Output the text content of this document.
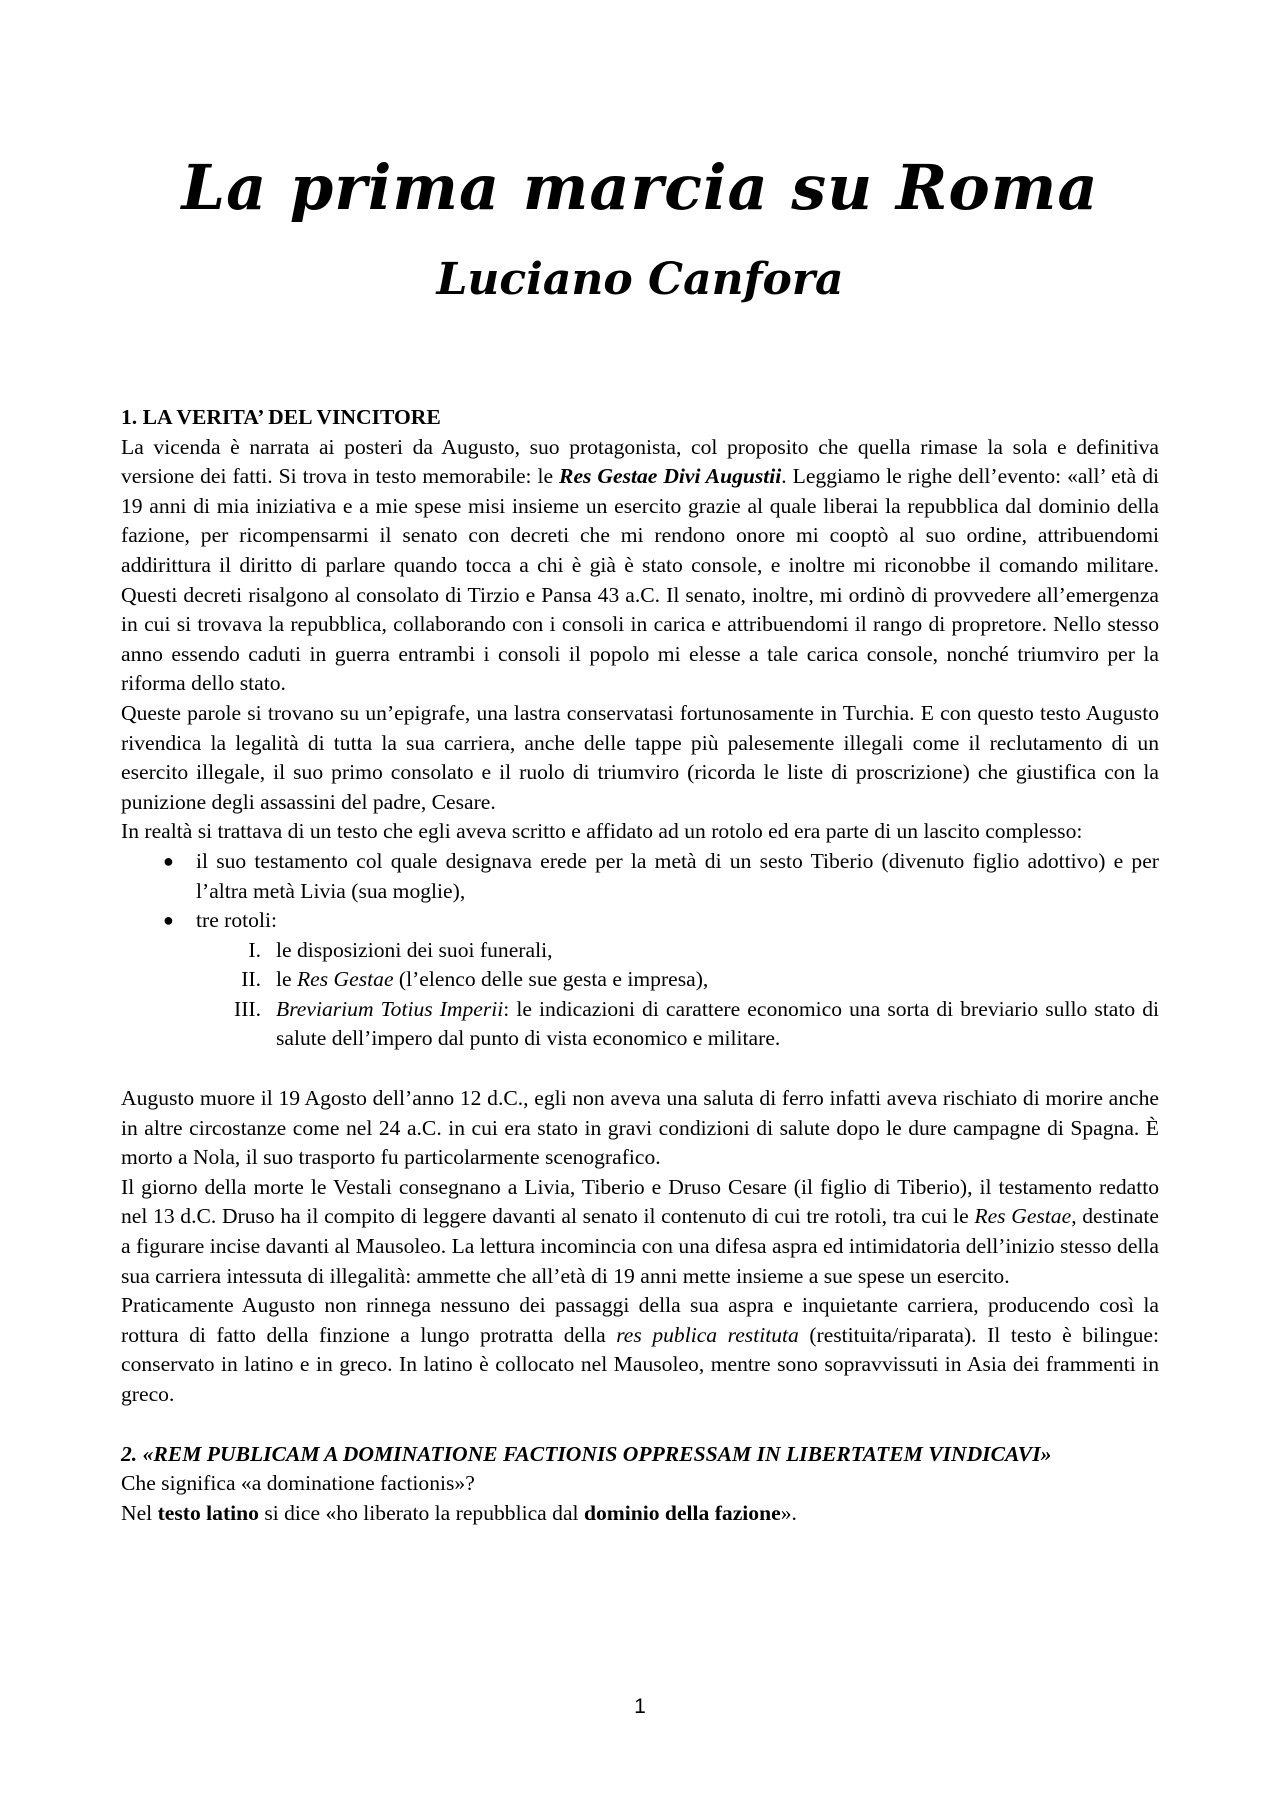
La prima marcia su Roma
Luciano Canfora

1. LA VERITA’ DEL VINCITORE

La vicenda è narrata ai posteri da Augusto, suo protagonista, col proposito che quella rimase la sola e definitiva versione dei fatti. Si trova in testo memorabile: le Res Gestae Divi Augustii. Leggiamo le righe dell’evento: «all’ età di 19 anni di mia iniziativa e a mie spese misi insieme un esercito grazie al quale liberai la repubblica dal dominio della fazione, per ricompensarmi il senato con decreti che mi rendono onore mi cooptò al suo ordine, attribuendomi addirittura il diritto di parlare quando tocca a chi è già è stato console, e inoltre mi riconobbe il comando militare. Questi decreti risalgono al consolato di Tirzio e Pansa 43 a.C. Il senato, inoltre, mi ordinò di provvedere all’emergenza in cui si trovava la repubblica, collaborando con i consoli in carica e attribuendomi il rango di propretore. Nello stesso anno essendo caduti in guerra entrambi i consoli il popolo mi elesse a tale carica console, nonché triumviro per la riforma dello stato.

Queste parole si trovano su un’epigrafe, una lastra conservatasi fortunosamente in Turchia. E con questo testo Augusto rivendica la legalità di tutta la sua carriera, anche delle tappe più palesemente illegali come il reclutamento di un esercito illegale, il suo primo consolato e il ruolo di triumviro (ricorda le liste di proscrizione) che giustifica con la punizione degli assassini del padre, Cesare.

In realtà si trattava di un testo che egli aveva scritto e affidato ad un rotolo ed era parte di un lascito complesso:

● il suo testamento col quale designava erede per la metà di un sesto Tiberio (divenuto figlio adottivo) e per l’altra metà Livia (sua moglie),
● tre rotoli:
I. le disposizioni dei suoi funerali,
II. le Res Gestae (l’elenco delle sue gesta e impresa),
III. Breviarium Totius Imperii: le indicazioni di carattere economico una sorta di breviario sullo stato di salute dell’impero dal punto di vista economico e militare.

Augusto muore il 19 Agosto dell’anno 12 d.C., egli non aveva una saluta di ferro infatti aveva rischiato di morire anche in altre circostanze come nel 24 a.C. in cui era stato in gravi condizioni di salute dopo le dure campagne di Spagna. È morto a Nola, il suo trasporto fu particolarmente scenografico.

Il giorno della morte le Vestali consegnano a Livia, Tiberio e Druso Cesare (il figlio di Tiberio), il testamento redatto nel 13 d.C. Druso ha il compito di leggere davanti al senato il contenuto di cui tre rotoli, tra cui le Res Gestae, destinate a figurare incise davanti al Mausoleo. La lettura incomincia con una difesa aspra ed intimidatoria dell’inizio stesso della sua carriera intessuta di illegalità: ammette che all’età di 19 anni mette insieme a sue spese un esercito.

Praticamente Augusto non rinnega nessuno dei passaggi della sua aspra e inquietante carriera, producendo così la rottura di fatto della finzione a lungo protratta della res publica restituta (restituita/riparata). Il testo è bilingue: conservato in latino e in greco. In latino è collocato nel Mausoleo, mentre sono sopravvissuti in Asia dei frammenti in greco.

2. «REM PUBLICAM A DOMINATIONE FACTIONIS OPPRESSAM IN LIBERTATEM VINDICAVI»

Che significa «a dominatione factionis»?

Nel testo latino si dice «ho liberato la repubblica dal dominio della fazione».

1
